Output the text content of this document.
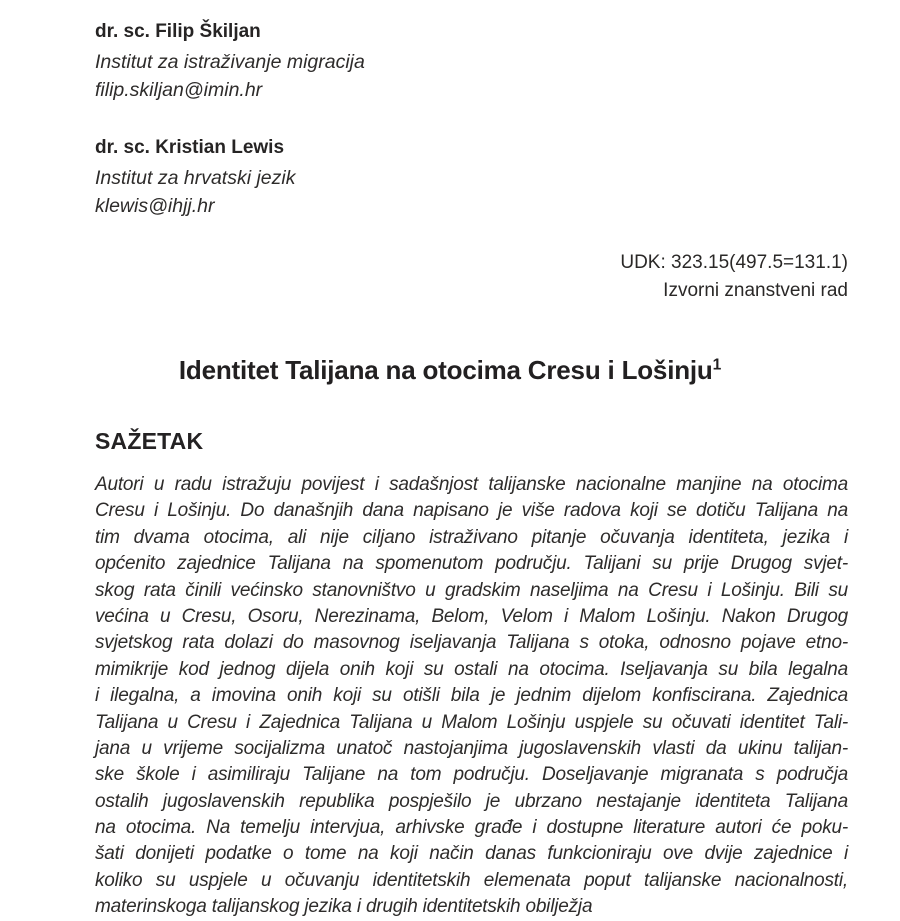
dr. sc. Filip Škiljan
Institut za istraživanje migracija
filip.skiljan@imin.hr
dr. sc. Kristian Lewis
Institut za hrvatski jezik
klewis@ihjj.hr
UDK: 323.15(497.5=131.1)
Izvorni znanstveni rad
Identitet Talijana na otocima Cresu i Lošinju$^1$
SAŽETAK
Autori u radu istražuju povijest i sadašnjost talijanske nacionalne manjine na otocima
Cresu i Lošinju. Do današnjih dana napisano je više radova koji se dotiču Talijana na
tim dvama otocima, ali nije ciljano istraživano pitanje očuvanja identiteta, jezika i
općenito zajednice Talijana na spomenutom području. Talijani su prije Drugog svjet-
skog rata činili većinsko stanovništvo u gradskim naseljima na Cresu i Lošinju. Bili su
većina u Cresu, Osoru, Nerezinama, Belom, Velom i Malom Lošinju. Nakon Drugog
svjetskog rata dolazi do masovnog iseljavanja Talijana s otoka, odnosno pojave etno-
mimikrije kod jednog dijela onih koji su ostali na otocima. Iseljavanja su bila legalna
i ilegalna, a imovina onih koji su otišli bila je jednim dijelom konfiscirana. Zajednica
Talijana u Cresu i Zajednica Talijana u Malom Lošinju uspjele su očuvati identitet Tali-
jana u vrijeme socijalizma unatoč nastojanjima jugoslavenskih vlasti da ukinu talijan-
ske škole i asimiliraju Talijane na tom području. Doseljavanje migranata s područja
ostalih jugoslavenskih republika pospješilo je ubrzano nestajanje identiteta Talijana
na otocima. Na temelju intervjua, arhivske građe i dostupne literature autori će poku-
šati donijeti podatke o tome na koji način danas funkcioniraju ove dvije zajednice i
koliko su uspjele u očuvanju identitetskih elemenata poput talijanske nacionalnosti,
materinskoga talijanskog jezika i drugih identitetskih obilježja
